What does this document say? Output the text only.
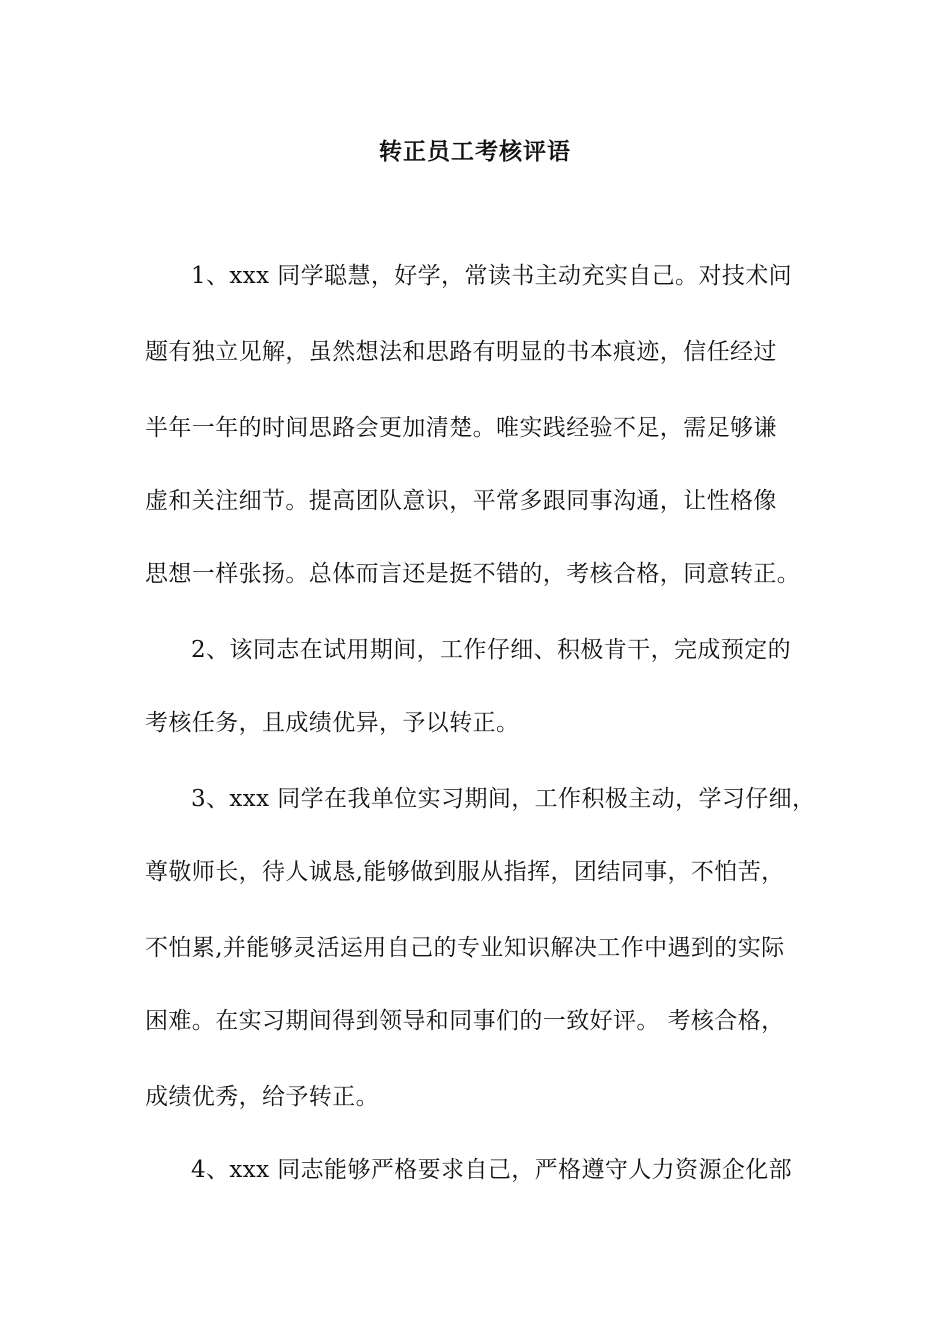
转正员工考核评语
1、xxx 同学聪慧，好学，常读书主动充实自己。对技术问
题有独立见解，虽然想法和思路有明显的书本痕迹，信任经过
半年一年的时间思路会更加清楚。唯实践经验不足，需足够谦
虚和关注细节。提高团队意识，平常多跟同事沟通，让性格像
思想一样张扬。总体而言还是挺不错的，考核合格，同意转正。
2、该同志在试用期间，工作仔细、积极肯干，完成预定的
考核任务，且成绩优异，予以转正。
3、xxx 同学在我单位实习期间，工作积极主动，学习仔细，
尊敬师长，待人诚恳,能够做到服从指挥，团结同事，不怕苦，
不怕累,并能够灵活运用自己的专业知识解决工作中遇到的实际
困难。在实习期间得到领导和同事们的一致好评。 考核合格，
成绩优秀，给予转正。
4、xxx 同志能够严格要求自己，严格遵守人力资源企化部
